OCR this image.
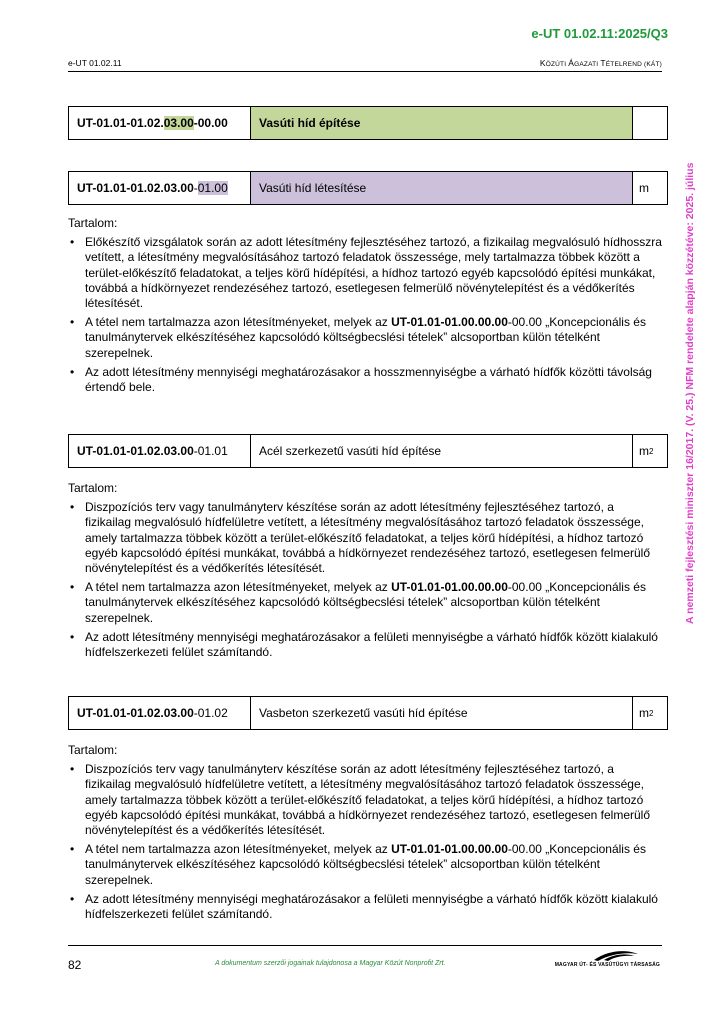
e-UT 01.02.11:2025/Q3
e-UT 01.02.11	KÖZÚTI ÁGAZATI TÉTELREND (KÁT)
A nemzeti fejlesztési miniszter 16/2017. (V. 25.) NFM rendelete alapján közzétéve: 2025. július
UT-01.01-01.02.03.00-00.00	Vasúti híd építése
UT-01.01-01.02.03.00 - 01.00	Vasúti híd létesítése	m
Tartalom:
• Előkészítő vizsgálatok során az adott létesítmény fejlesztéséhez tartozó, a fizikailag megvalósuló hídhosszra vetített, a létesítmény megvalósításához tartozó feladatok összessége, mely tartalmazza többek között a terület-előkészítő feladatokat, a teljes körű hídépítési, a hídhoz tartozó egyéb kapcsolódó építési munkákat, továbbá a hídkörnyezet rendezéséhez tartozó, esetlegesen felmerülő növénytelepítést és a védőkerítés létesítését.
• A tétel nem tartalmazza azon létesítményeket, melyek az UT-01.01-01.00.00.00-00.00 „Koncepcionális és tanulmánytervek elkészítéséhez kapcsolódó költségbecslési tételek” alcsoportban külön tételként szerepelnek.
• Az adott létesítmény mennyiségi meghatározásakor a hosszmennyiségbe a várható hídfők közötti távolság értendő bele.
UT-01.01-01.02.03.00 -01.01	Acél szerkezetű vasúti híd építése	m 2
Tartalom:
• Diszpozíciós terv vagy tanulmányterv készítése során az adott létesítmény fejlesztéséhez tartozó, a fizikailag megvalósuló hídfelületre vetített, a létesítmény megvalósításához tartozó feladatok összessége, amely tartalmazza többek között a terület-előkészítő feladatokat, a teljes körű hídépítési, a hídhoz tartozó egyéb kapcsolódó építési munkákat, továbbá a hídkörnyezet rendezéséhez tartozó, esetlegesen felmerülő növénytelepítést és a védőkerítés létesítését.
• A tétel nem tartalmazza azon létesítményeket, melyek az UT-01.01-01.00.00.00-00.00 „Koncepcionális és tanulmánytervek elkészítéséhez kapcsolódó költségbecslési tételek” alcsoportban külön tételként szerepelnek.
• Az adott létesítmény mennyiségi meghatározásakor a felületi mennyiségbe a várható hídfők között kialakuló hídfelszerkezeti felület számítandó.
UT-01.01-01.02.03.00 -01.02	Vasbeton szerkezetű vasúti híd építése	m 2
Tartalom:
• Diszpozíciós terv vagy tanulmányterv készítése során az adott létesítmény fejlesztéséhez tartozó, a fizikailag megvalósuló hídfelületre vetített, a létesítmény megvalósításához tartozó feladatok összessége, amely tartalmazza többek között a terület-előkészítő feladatokat, a teljes körű hídépítési, a hídhoz tartozó egyéb kapcsolódó építési munkákat, továbbá a hídkörnyezet rendezéséhez tartozó, esetlegesen felmerülő növénytelepítést és a védőkerítés létesítését.
• A tétel nem tartalmazza azon létesítményeket, melyek az UT-01.01-01.00.00.00-00.00 „Koncepcionális és tanulmánytervek elkészítéséhez kapcsolódó költségbecslési tételek” alcsoportban külön tételként szerepelnek.
• Az adott létesítmény mennyiségi meghatározásakor a felületi mennyiségbe a várható hídfők között kialakuló hídfelszerkezeti felület számítandó.
82	A dokumentum szerzői jogainak tulajdonosa a Magyar Közút Nonprofit Zrt.	MAGYAR ÚT- ÉS VASÚTÜGYI TÁRSASÁG
